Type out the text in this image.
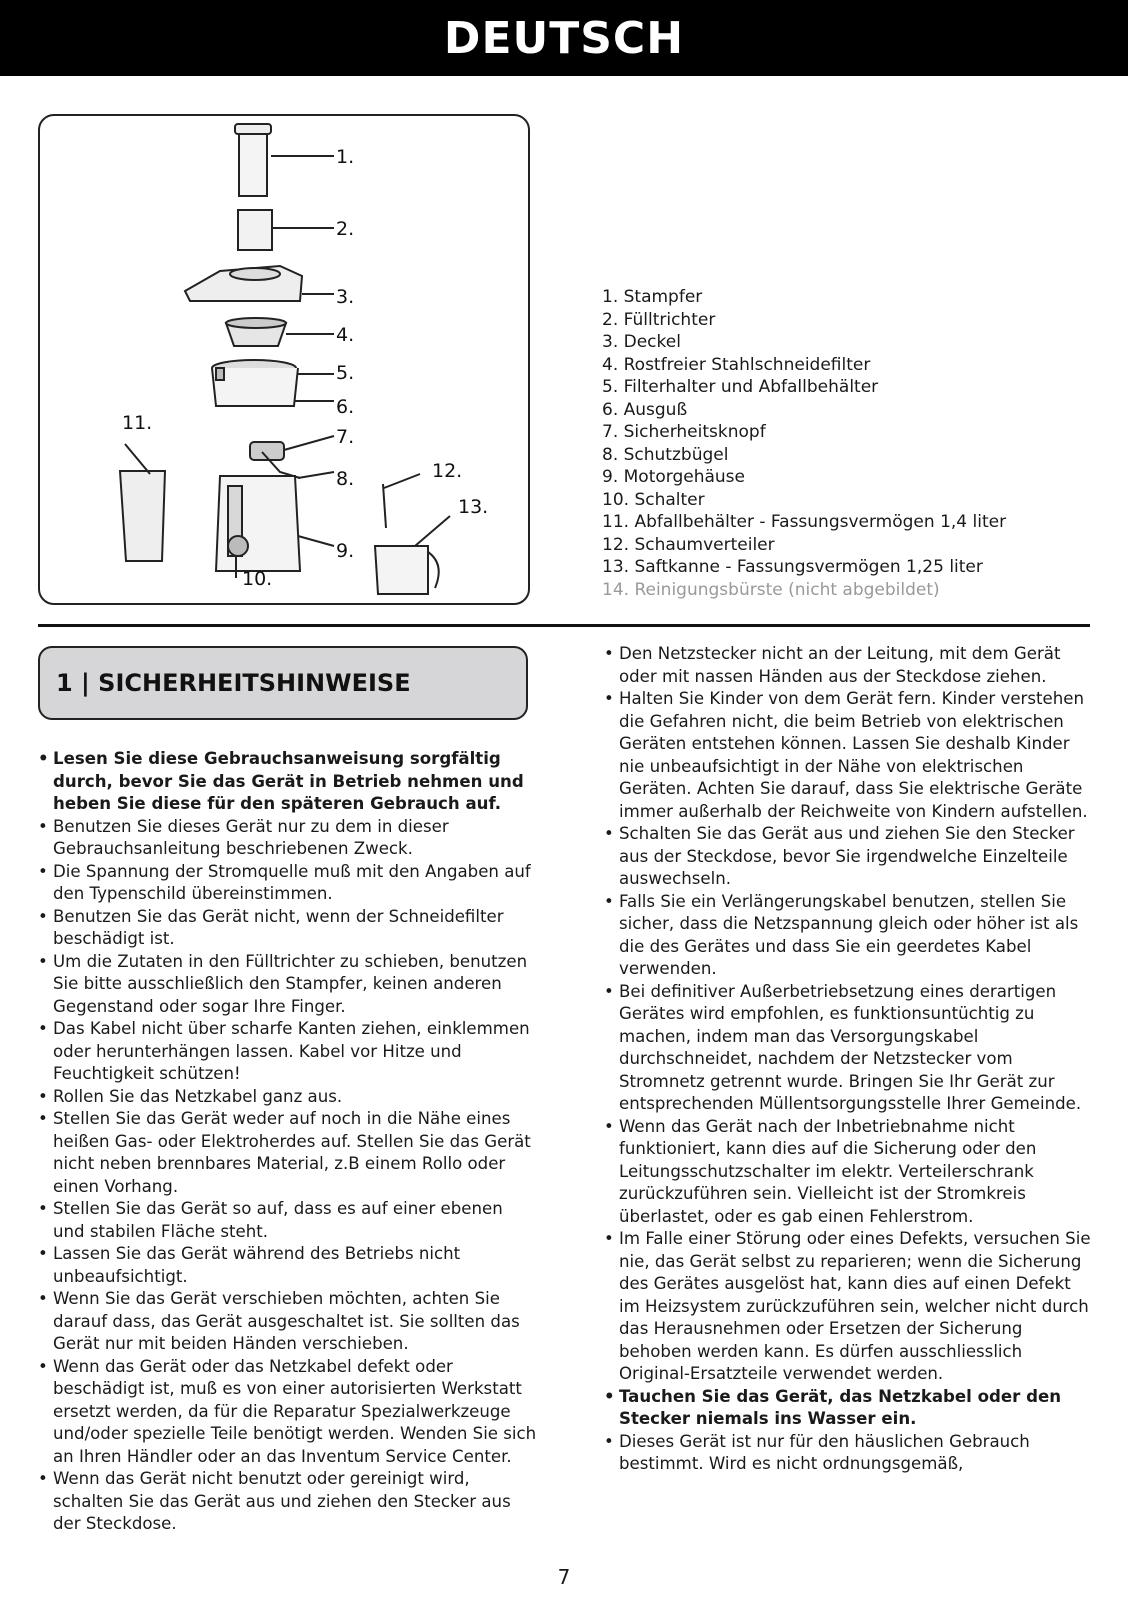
DEUTSCH
1.
2.
3.
4.
5.
6.
7.
8.
9.
10.
11.
12.
13.
1. Stampfer
2. Fülltrichter
3. Deckel
4. Rostfreier Stahlschneidefilter
5. Filterhalter und Abfallbehälter
6. Ausguß
7. Sicherheitsknopf
8. Schutzbügel
9. Motorgehäuse
10. Schalter
11. Abfallbehälter - Fassungsvermögen 1,4 liter
12. Schaumverteiler
13. Saftkanne - Fassungsvermögen 1,25 liter
14. Reinigungsbürste (nicht abgebildet)
1 | SICHERHEITSHINWEISE
• Lesen Sie diese Gebrauchsanweisung sorgfältig durch, bevor Sie das Gerät in Betrieb nehmen und heben Sie diese für den späteren Gebrauch auf.
• Benutzen Sie dieses Gerät nur zu dem in dieser Gebrauchsanleitung beschriebenen Zweck.
• Die Spannung der Stromquelle muß mit den Angaben auf den Typenschild übereinstimmen.
• Benutzen Sie das Gerät nicht, wenn der Schneidefilter beschädigt ist.
• Um die Zutaten in den Fülltrichter zu schieben, benutzen Sie bitte ausschließlich den Stampfer, keinen anderen Gegenstand oder sogar Ihre Finger.
• Das Kabel nicht über scharfe Kanten ziehen, einklemmen oder herunterhängen lassen. Kabel vor Hitze und Feuchtigkeit schützen!
• Rollen Sie das Netzkabel ganz aus.
• Stellen Sie das Gerät weder auf noch in die Nähe eines heißen Gas- oder Elektroherdes auf. Stellen Sie das Gerät nicht neben brennbares Material, z.B einem Rollo oder einen Vorhang.
• Stellen Sie das Gerät so auf, dass es auf einer ebenen und stabilen Fläche steht.
• Lassen Sie das Gerät während des Betriebs nicht unbeaufsichtigt.
• Wenn Sie das Gerät verschieben möchten, achten Sie darauf dass, das Gerät ausgeschaltet ist. Sie sollten das Gerät nur mit beiden Händen verschieben.
• Wenn das Gerät oder das Netzkabel defekt oder beschädigt ist, muß es von einer autorisierten Werkstatt ersetzt werden, da für die Reparatur Spezialwerkzeuge und/oder spezielle Teile benötigt werden. Wenden Sie sich an Ihren Händler oder an das Inventum Service Center.
• Wenn das Gerät nicht benutzt oder gereinigt wird, schalten Sie das Gerät aus und ziehen den Stecker aus der Steckdose.
• Den Netzstecker nicht an der Leitung, mit dem Gerät oder mit nassen Händen aus der Steckdose ziehen.
• Halten Sie Kinder von dem Gerät fern. Kinder verstehen die Gefahren nicht, die beim Betrieb von elektrischen Geräten entstehen können. Lassen Sie deshalb Kinder nie unbeaufsichtigt in der Nähe von elektrischen Geräten. Achten Sie darauf, dass Sie elektrische Geräte immer außerhalb der Reichweite von Kindern aufstellen.
• Schalten Sie das Gerät aus und ziehen Sie den Stecker aus der Steckdose, bevor Sie irgendwelche Einzelteile auswechseln.
• Falls Sie ein Verlängerungskabel benutzen, stellen Sie sicher, dass die Netzspannung gleich oder höher ist als die des Gerätes und dass Sie ein geerdetes Kabel verwenden.
• Bei definitiver Außerbetriebsetzung eines derartigen Gerätes wird empfohlen, es funktionsuntüchtig zu machen, indem man das Versorgungskabel durchschneidet, nachdem der Netzstecker vom Stromnetz getrennt wurde. Bringen Sie Ihr Gerät zur entsprechenden Müllentsorgungsstelle Ihrer Gemeinde.
• Wenn das Gerät nach der Inbetriebnahme nicht funktioniert, kann dies auf die Sicherung oder den Leitungsschutzschalter im elektr. Verteilerschrank zurückzuführen sein. Vielleicht ist der Stromkreis überlastet, oder es gab einen Fehlerstrom.
• Im Falle einer Störung oder eines Defekts, versuchen Sie nie, das Gerät selbst zu reparieren; wenn die Sicherung des Gerätes ausgelöst hat, kann dies auf einen Defekt im Heizsystem zurückzuführen sein, welcher nicht durch das Herausnehmen oder Ersetzen der Sicherung behoben werden kann. Es dürfen ausschliesslich Original-Ersatzteile verwendet werden.
• Tauchen Sie das Gerät, das Netzkabel oder den Stecker niemals ins Wasser ein.
• Dieses Gerät ist nur für den häuslichen Gebrauch bestimmt. Wird es nicht ordnungsgemäß,
7
